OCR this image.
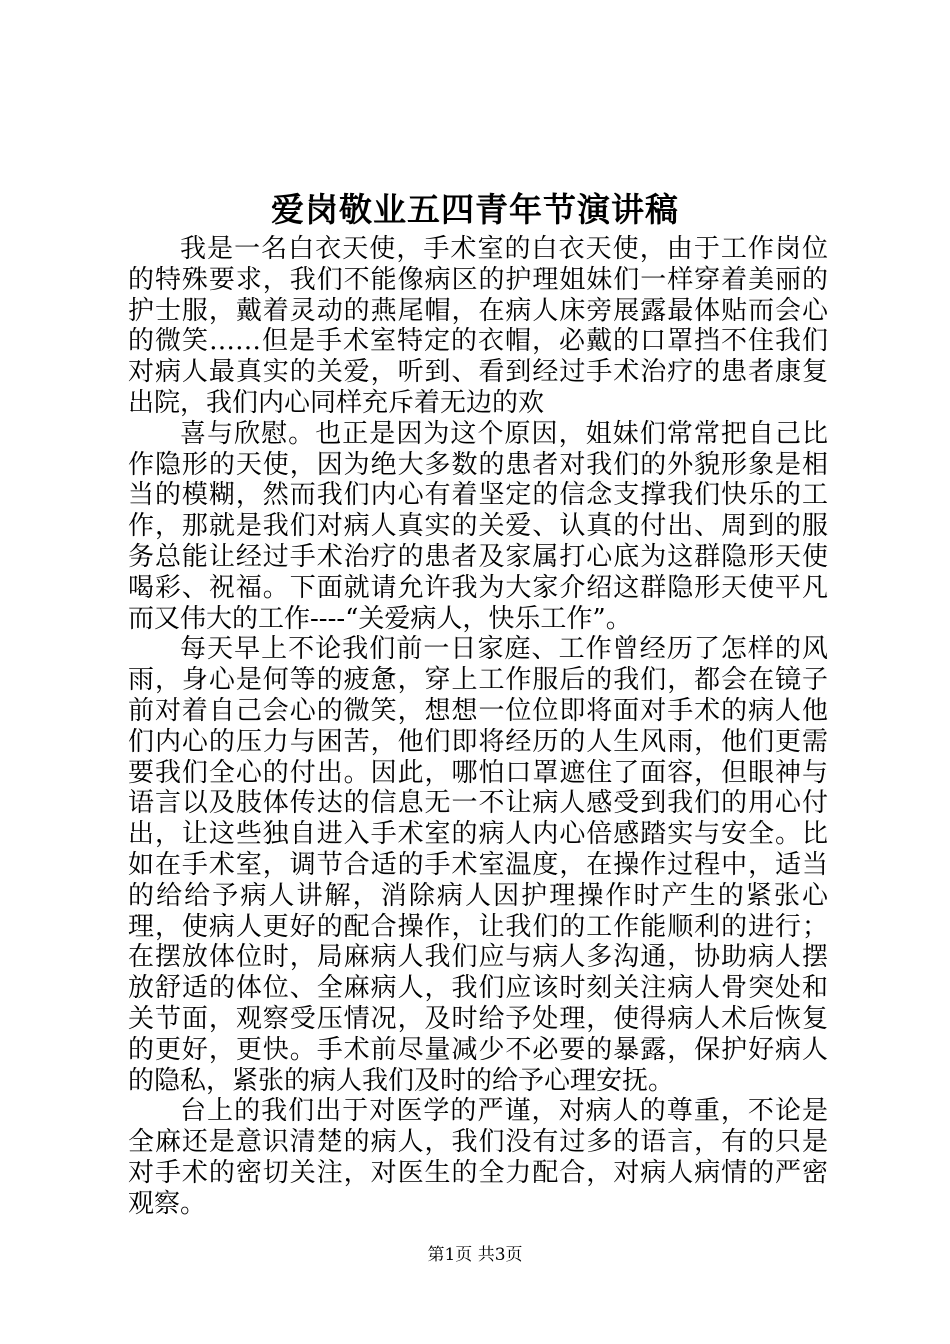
爱岗敬业五四青年节演讲稿

我是一名白衣天使，手术室的白衣天使，由于工作岗位的特殊要求，我们不能像病区的护理姐妹们一样穿着美丽的护士服，戴着灵动的燕尾帽，在病人床旁展露最体贴而会心的微笑……但是手术室特定的衣帽，必戴的口罩挡不住我们对病人最真实的关爱，听到、看到经过手术治疗的患者康复出院，我们内心同样充斥着无边的欢

喜与欣慰。也正是因为这个原因，姐妹们常常把自己比作隐形的天使，因为绝大多数的患者对我们的外貌形象是相当的模糊，然而我们内心有着坚定的信念支撑我们快乐的工作，那就是我们对病人真实的关爱、认真的付出、周到的服务总能让经过手术治疗的患者及家属打心底为这群隐形天使喝彩、祝福。下面就请允许我为大家介绍这群隐形天使平凡而又伟大的工作----“关爱病人，快乐工作”。

每天早上不论我们前一日家庭、工作曾经历了怎样的风雨，身心是何等的疲惫，穿上工作服后的我们，都会在镜子前对着自己会心的微笑，想想一位位即将面对手术的病人他们内心的压力与困苦，他们即将经历的人生风雨，他们更需要我们全心的付出。因此，哪怕口罩遮住了面容，但眼神与语言以及肢体传达的信息无一不让病人感受到我们的用心付出，让这些独自进入手术室的病人内心倍感踏实与安全。比如在手术室，调节合适的手术室温度，在操作过程中，适当的给给予病人讲解，消除病人因护理操作时产生的紧张心理，使病人更好的配合操作，让我们的工作能顺利的进行；在摆放体位时，局麻病人我们应与病人多沟通，协助病人摆放舒适的体位、全麻病人，我们应该时刻关注病人骨突处和关节面，观察受压情况，及时给予处理，使得病人术后恢复的更好，更快。手术前尽量减少不必要的暴露，保护好病人的隐私，紧张的病人我们及时的给予心理安抚。

台上的我们出于对医学的严谨，对病人的尊重，不论是全麻还是意识清楚的病人，我们没有过多的语言，有的只是对手术的密切关注，对医生的全力配合，对病人病情的严密观察。

第1页 共3页
